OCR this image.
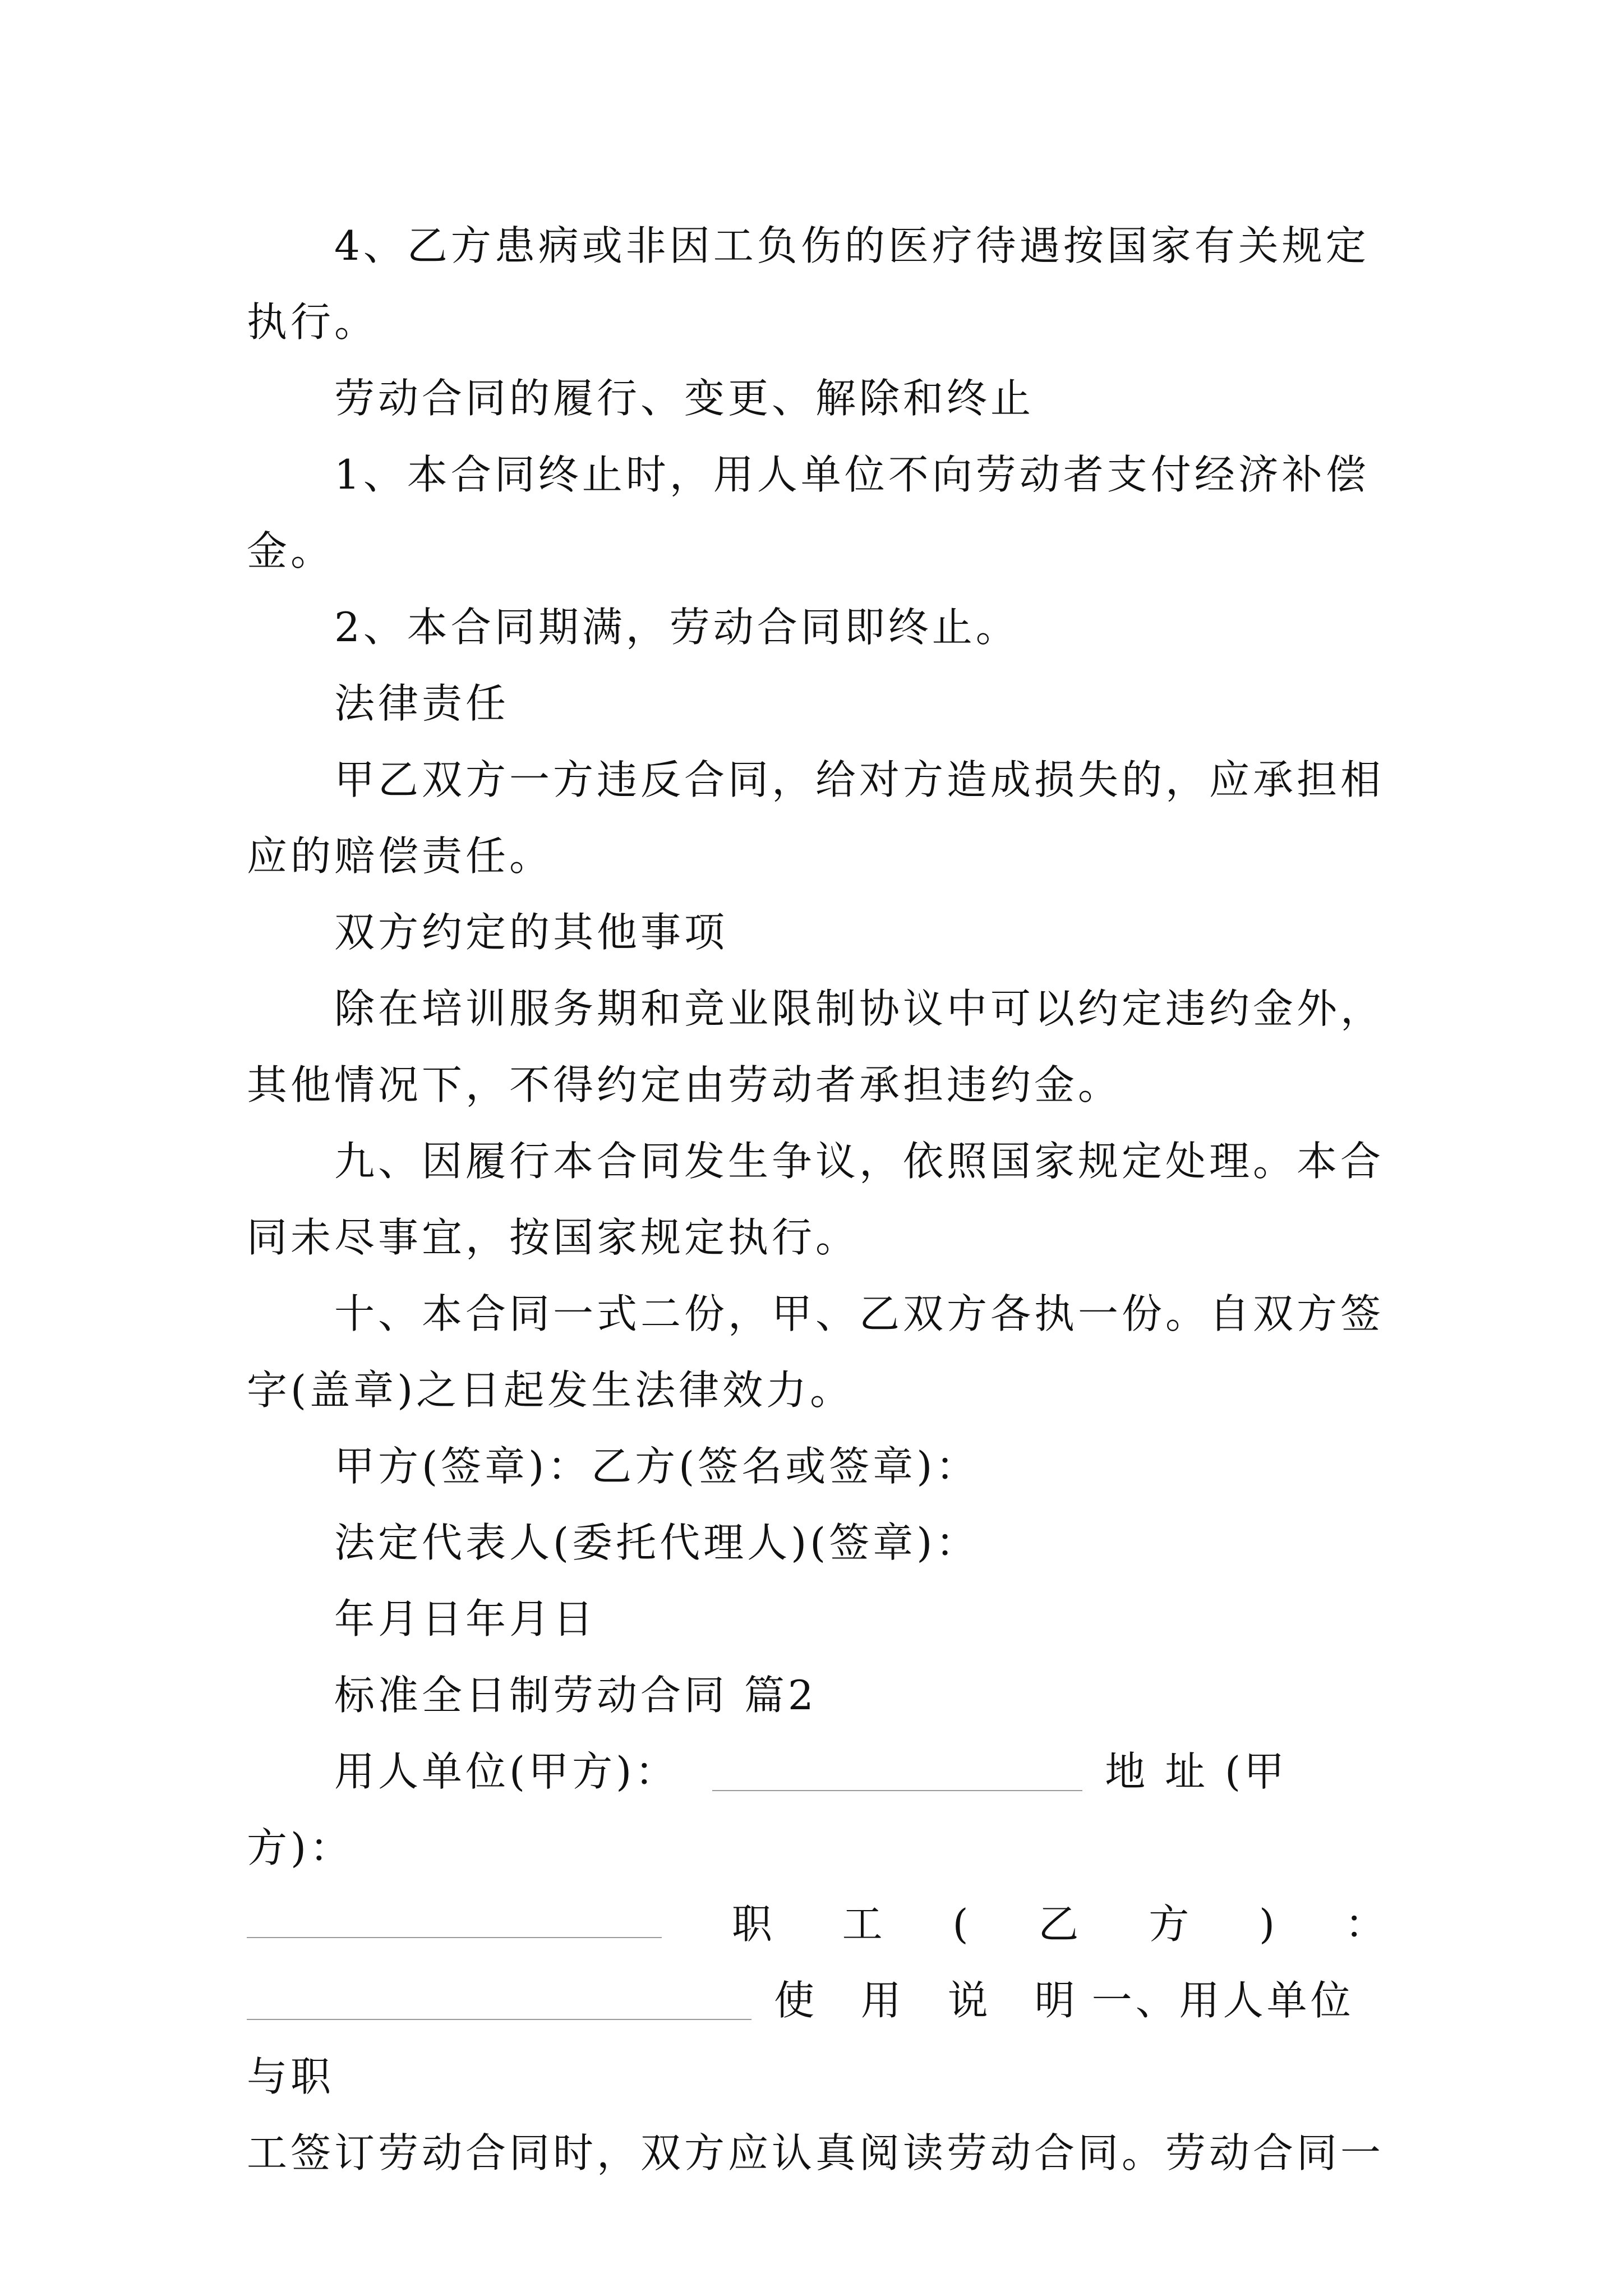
4、乙方患病或非因工负伤的医疗待遇按国家有关规定执行。

劳动合同的履行、变更、解除和终止

1、本合同终止时，用人单位不向劳动者支付经济补偿金。

2、本合同期满，劳动合同即终止。

法律责任

甲乙双方一方违反合同，给对方造成损失的，应承担相应的赔偿责任。

双方约定的其他事项

除在培训服务期和竞业限制协议中可以约定违约金外，其他情况下，不得约定由劳动者承担违约金。

九、因履行本合同发生争议，依照国家规定处理。本合同未尽事宜，按国家规定执行。

十、本合同一式二份，甲、乙双方各执一份。自双方签字(盖章)之日起发生法律效力。

甲方(签章)：乙方(签名或签章)：

法定代表人(委托代理人)(签章)：

年月日年月日

标准全日制劳动合同 篇2

用人单位(甲方)：	地 址 (甲方)：

职 工 ( 乙 方 ) ：

使 用 说 明一、用人单位与职

工签订劳动合同时，双方应认真阅读劳动合同。劳动合同一
